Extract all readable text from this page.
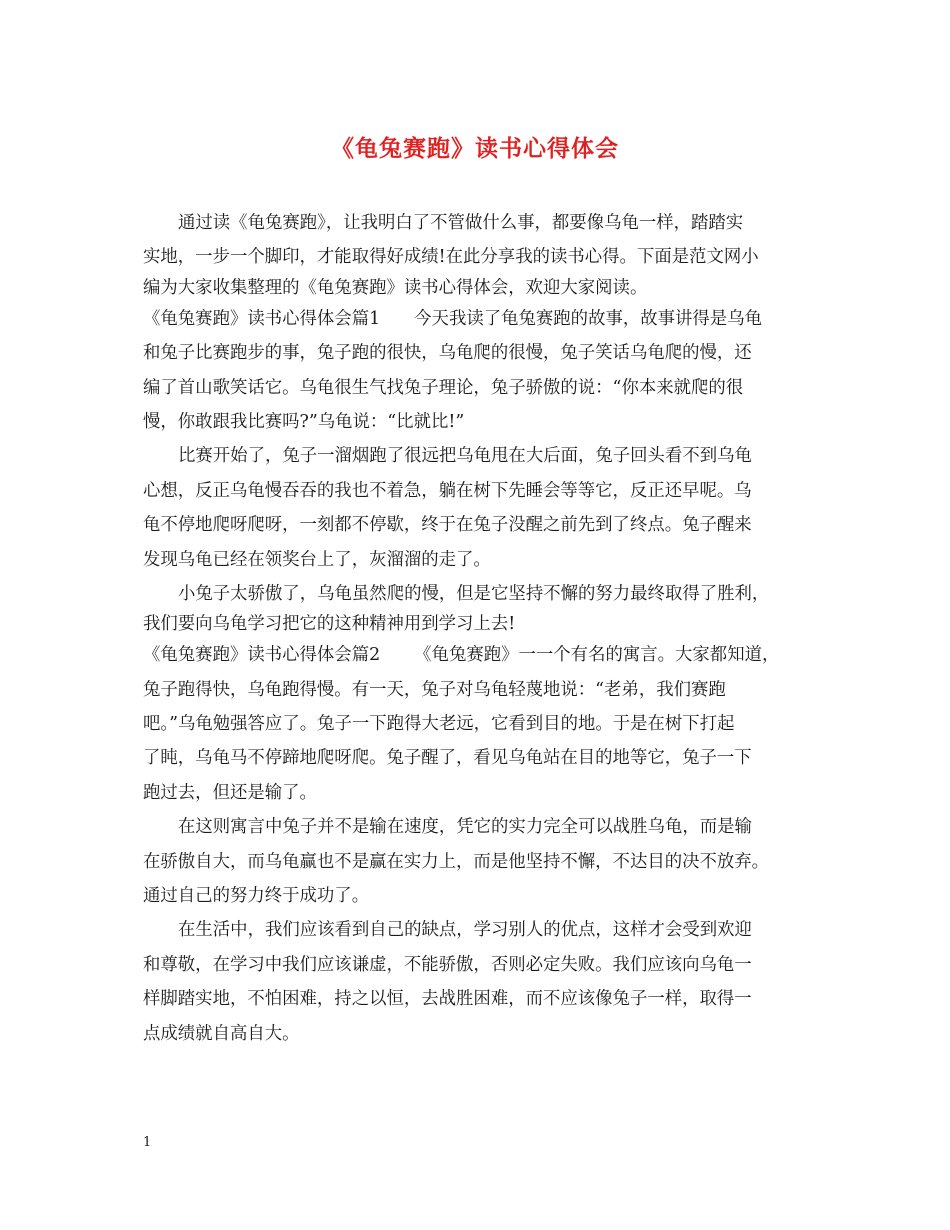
《龟兔赛跑》读书心得体会
通过读《龟兔赛跑》，让我明白了不管做什么事，都要像乌龟一样，踏踏实
实地，一步一个脚印，才能取得好成绩!在此分享我的读书心得。下面是范文网小
编为大家收集整理的《龟兔赛跑》读书心得体会，欢迎大家阅读。
《龟兔赛跑》读书心得体会篇1 今天我读了龟兔赛跑的故事，故事讲得是乌龟
和兔子比赛跑步的事，兔子跑的很快，乌龟爬的很慢，兔子笑话乌龟爬的慢，还
编了首山歌笑话它。乌龟很生气找兔子理论，兔子骄傲的说：“你本来就爬的很
慢，你敢跟我比赛吗?”乌龟说：“比就比!”
比赛开始了，兔子一溜烟跑了很远把乌龟甩在大后面，兔子回头看不到乌龟
心想，反正乌龟慢吞吞的我也不着急，躺在树下先睡会等等它，反正还早呢。乌
龟不停地爬呀爬呀，一刻都不停歇，终于在兔子没醒之前先到了终点。兔子醒来
发现乌龟已经在领奖台上了，灰溜溜的走了。
小兔子太骄傲了，乌龟虽然爬的慢，但是它坚持不懈的努力最终取得了胜利，
我们要向乌龟学习把它的这种精神用到学习上去!
《龟兔赛跑》读书心得体会篇2 《龟兔赛跑》一一个有名的寓言。大家都知道，
兔子跑得快，乌龟跑得慢。有一天，兔子对乌龟轻蔑地说：“老弟，我们赛跑
吧。”乌龟勉强答应了。兔子一下跑得大老远，它看到目的地。于是在树下打起
了盹，乌龟马不停蹄地爬呀爬。兔子醒了，看见乌龟站在目的地等它，兔子一下
跑过去，但还是输了。
在这则寓言中兔子并不是输在速度，凭它的实力完全可以战胜乌龟，而是输
在骄傲自大，而乌龟赢也不是赢在实力上，而是他坚持不懈，不达目的决不放弃。
通过自己的努力终于成功了。
在生活中，我们应该看到自己的缺点，学习别人的优点，这样才会受到欢迎
和尊敬，在学习中我们应该谦虚，不能骄傲，否则必定失败。我们应该向乌龟一
样脚踏实地，不怕困难，持之以恒，去战胜困难，而不应该像兔子一样，取得一
点成绩就自高自大。
1
